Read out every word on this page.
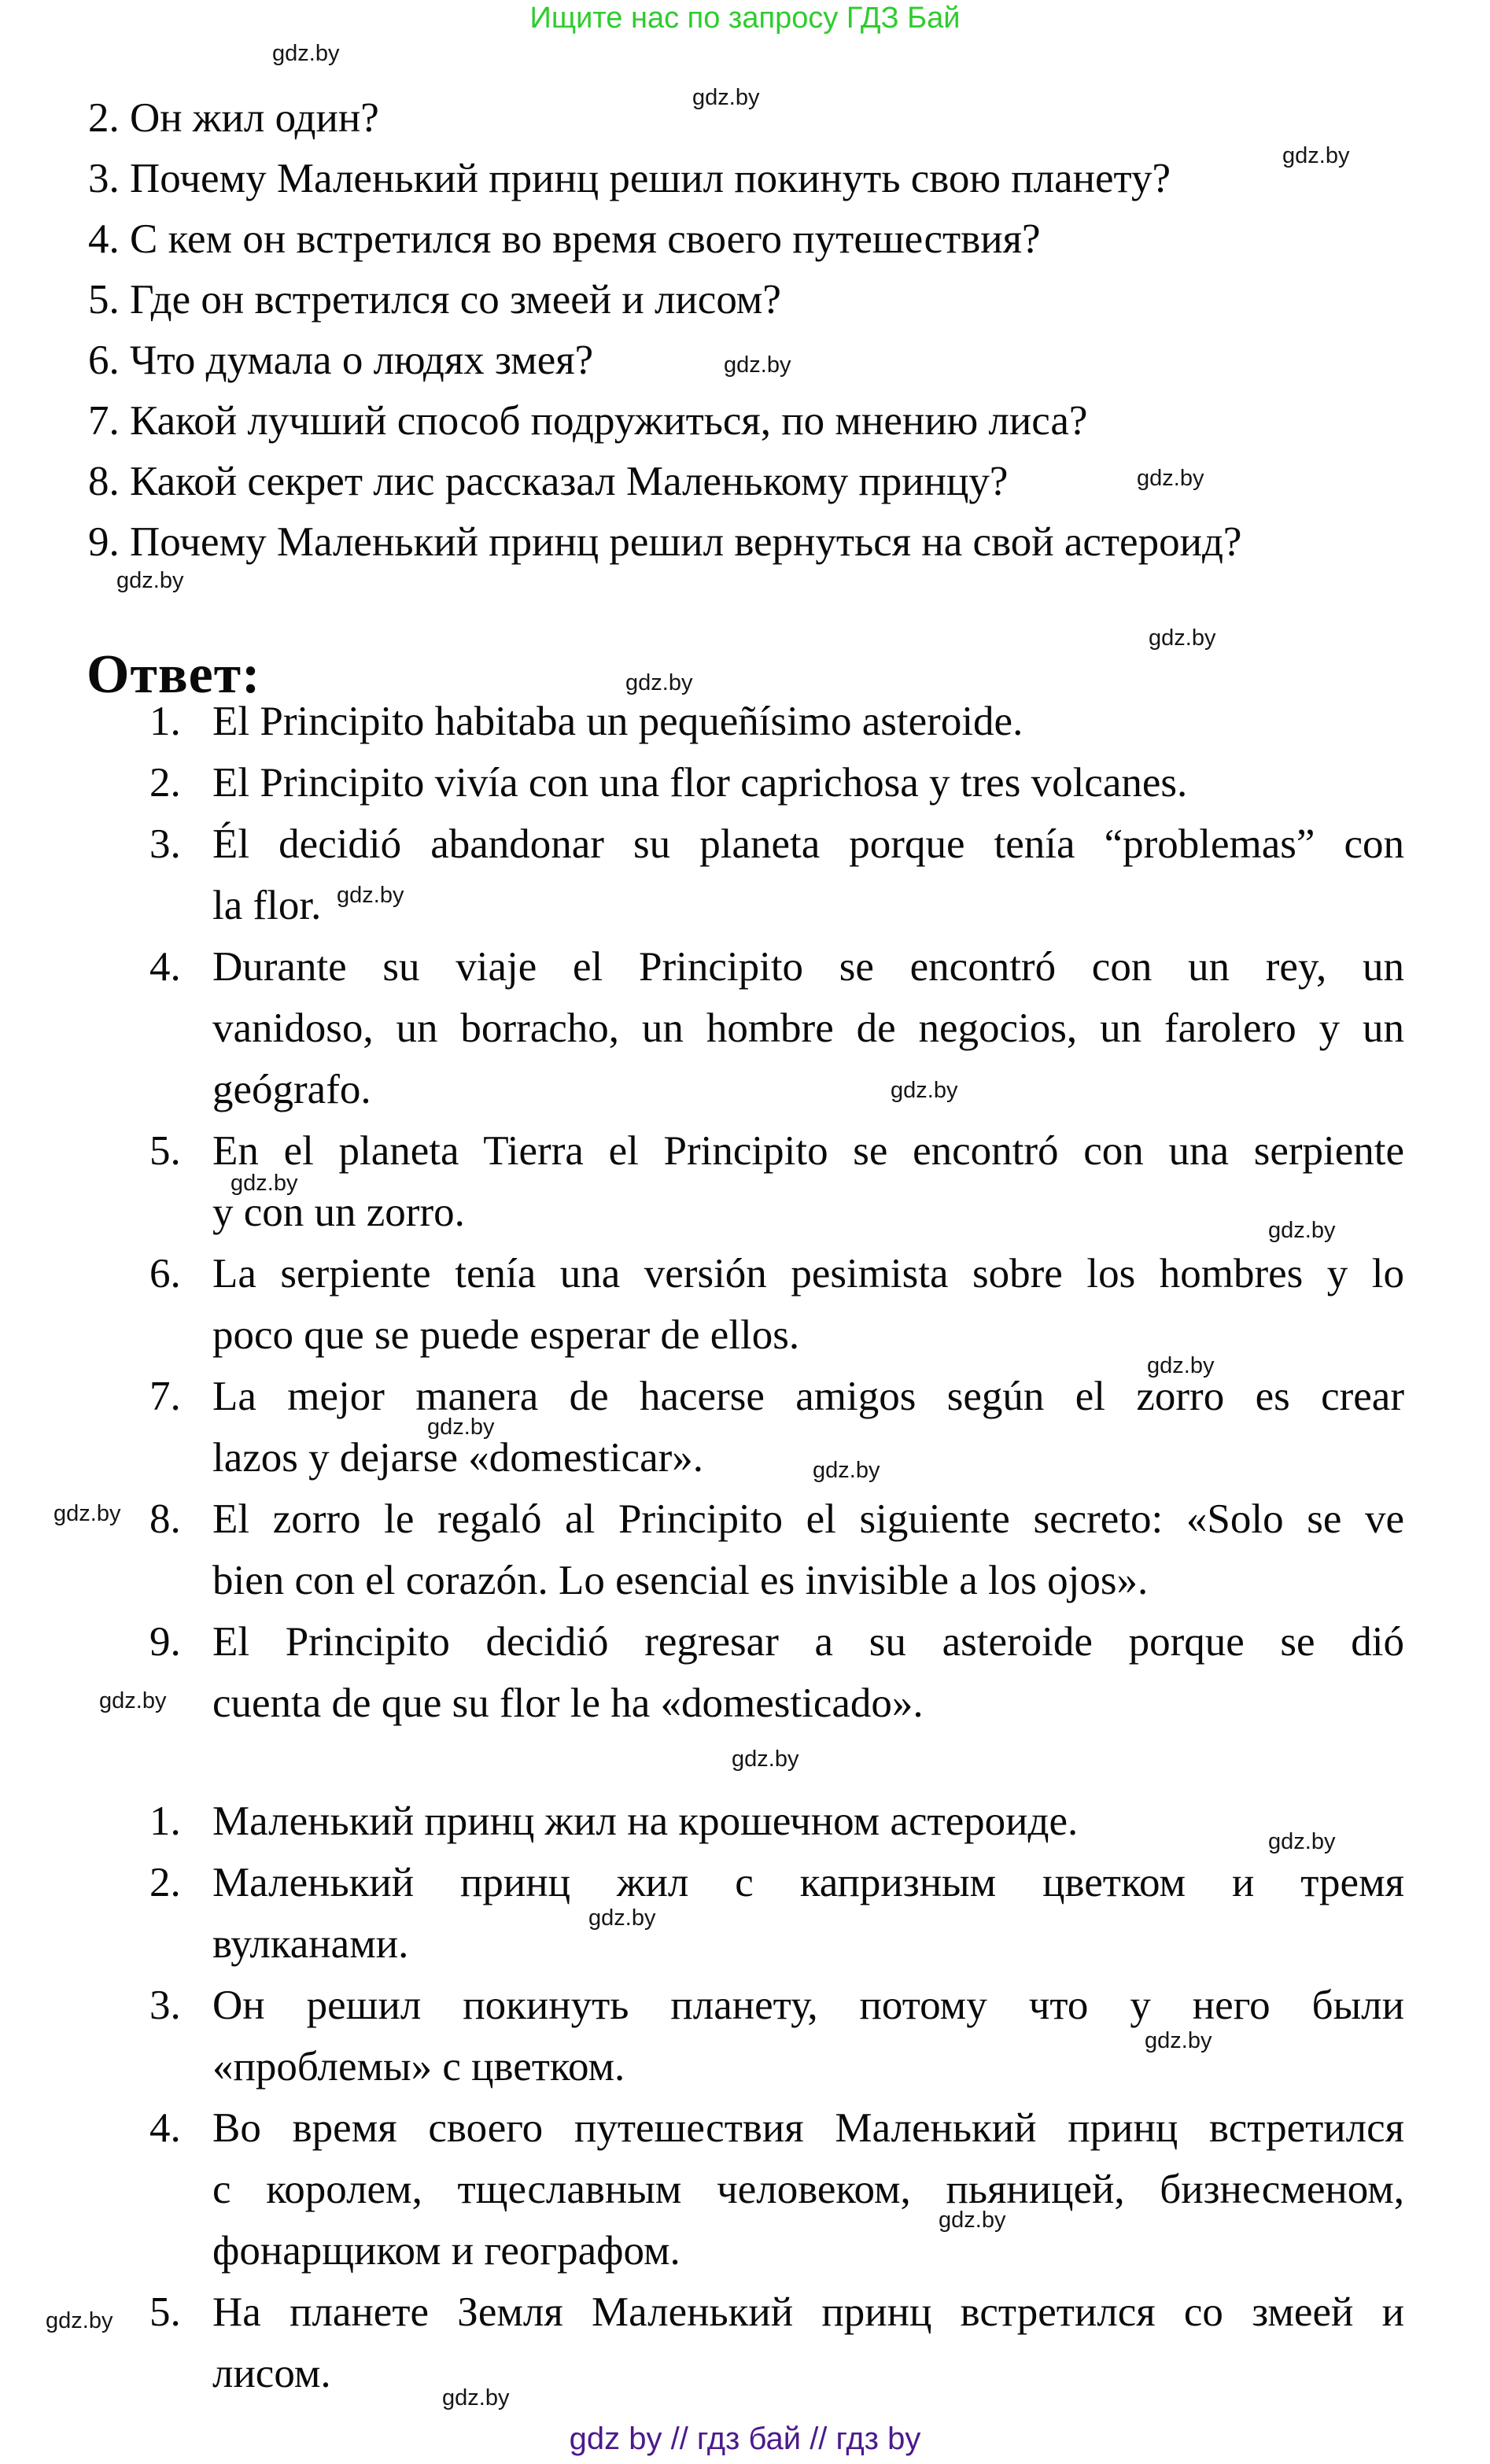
Ищите нас по запросу ГДЗ Бай
2. Он жил один?
3. Почему Маленький принц решил покинуть свою планету?
4. С кем он встретился во время своего путешествия?
5. Где он встретился со змеей и лисом?
6. Что думала о людях змея?
7. Какой лучший способ подружиться, по мнению лиса?
8. Какой секрет лис рассказал Маленькому принцу?
9. Почему Маленький принц решил вернуться на свой астероид?
Ответ:
1. El Principito habitaba un pequeñísimo asteroide.
2. El Principito vivía con una flor caprichosa y tres volcanes.
3. Él decidió abandonar su planeta porque tenía “problemas” con
la flor.
4. Durante su viaje el Principito se encontró con un rey, un
vanidoso, un borracho, un hombre de negocios, un farolero y un
geógrafo.
5. En el planeta Tierra el Principito se encontró con una serpiente
y con un zorro.
6. La serpiente tenía una versión pesimista sobre los hombres y lo
poco que se puede esperar de ellos.
7. La mejor manera de hacerse amigos según el zorro es crear
lazos y dejarse «domesticar».
8. El zorro le regaló al Principito el siguiente secreto: «Solo se ve
bien con el corazón. Lo esencial es invisible a los ojos».
9. El Principito decidió regresar a su asteroide porque se dió
cuenta de que su flor le ha «domesticado».
1. Маленький принц жил на крошечном астероиде.
2. Маленький принц жил с капризным цветком и тремя
вулканами.
3. Он решил покинуть планету, потому что у него были
«проблемы» с цветком.
4. Во время своего путешествия Маленький принц встретился
с королем, тщеславным человеком, пьяницей, бизнесменом,
фонарщиком и географом.
5. На планете Земля Маленький принц встретился со змеей и
лисом.
gdz by // гдз бай // гдз by
gdz.by
gdz.by
gdz.by
gdz.by
gdz.by
gdz.by
gdz.by
gdz.by
gdz.by
gdz.by
gdz.by
gdz.by
gdz.by
gdz.by
gdz.by
gdz.by
gdz.by
gdz.by
gdz.by
gdz.by
gdz.by
gdz.by
gdz.by
gdz.by
